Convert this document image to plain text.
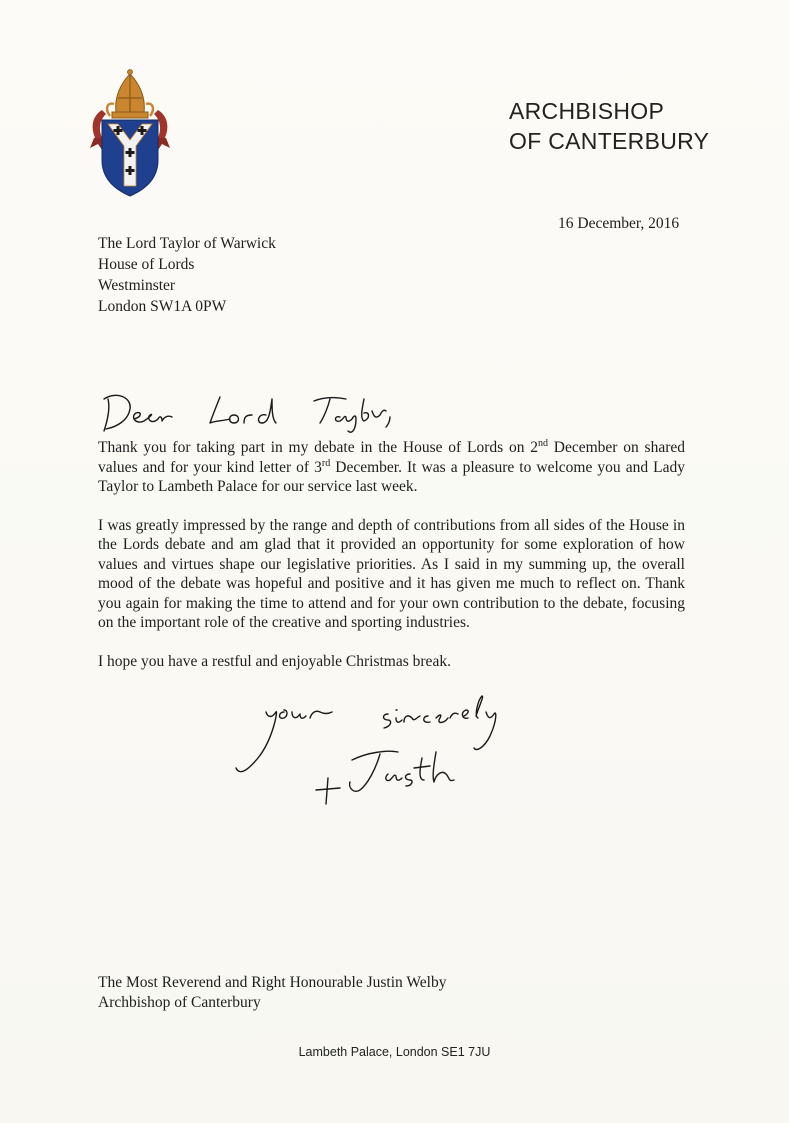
ARCHBISHOP
OF CANTERBURY
16 December, 2016
The Lord Taylor of Warwick
House of Lords
Westminster
London SW1A 0PW

Thank you for taking part in my debate in the House of Lords on 2nd December on shared values and for your kind letter of 3rd December. It was a pleasure to welcome you and Lady Taylor to Lambeth Palace for our service last week.

I was greatly impressed by the range and depth of contributions from all sides of the House in the Lords debate and am glad that it provided an opportunity for some exploration of how values and virtues shape our legislative priorities. As I said in my summing up, the overall mood of the debate was hopeful and positive and it has given me much to reflect on. Thank you again for making the time to attend and for your own contribution to the debate, focusing on the important role of the creative and sporting industries.

I hope you have a restful and enjoyable Christmas break.

The Most Reverend and Right Honourable Justin Welby
Archbishop of Canterbury
Lambeth Palace, London SE1 7JU
